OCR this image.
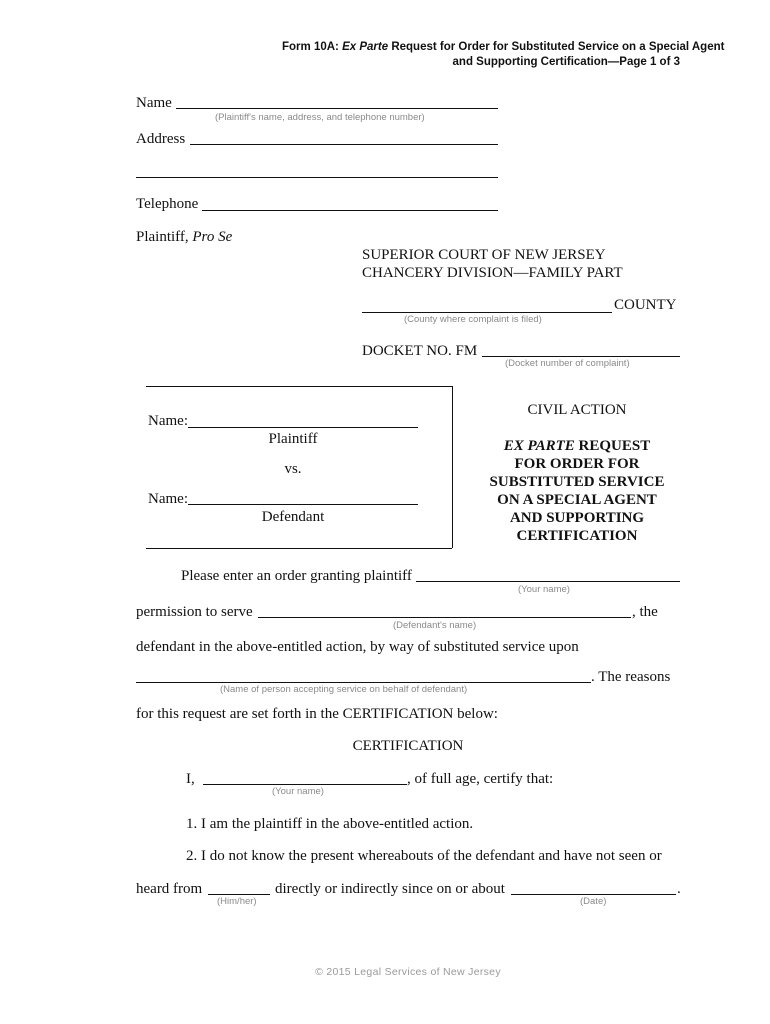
Form 10A: Ex Parte Request for Order for Substituted Service on a Special Agent
and Supporting Certification—Page 1 of 3
Name
(Plaintiff's name, address, and telephone number)
Address
Telephone
Plaintiff, Pro Se
SUPERIOR COURT OF NEW JERSEY
CHANCERY DIVISION—FAMILY PART
COUNTY
(County where complaint is filed)
DOCKET NO. FM
(Docket number of complaint)
Name:
Plaintiff
vs.
Name:
Defendant
CIVIL ACTION
EX PARTE REQUEST
FOR ORDER FOR
SUBSTITUTED SERVICE
ON A SPECIAL AGENT
AND SUPPORTING
CERTIFICATION
Please enter an order granting plaintiff
(Your name)
permission to serve	, the
(Defendant's name)
defendant in the above-entitled action, by way of substituted service upon
. The reasons
(Name of person accepting service on behalf of defendant)
for this request are set forth in the CERTIFICATION below:
CERTIFICATION
I,	, of full age, certify that:
(Your name)
1. I am the plaintiff in the above-entitled action.
2. I do not know the present whereabouts of the defendant and have not seen or
heard from	directly or indirectly since on or about	.
(Him/her)	(Date)
© 2015 Legal Services of New Jersey
